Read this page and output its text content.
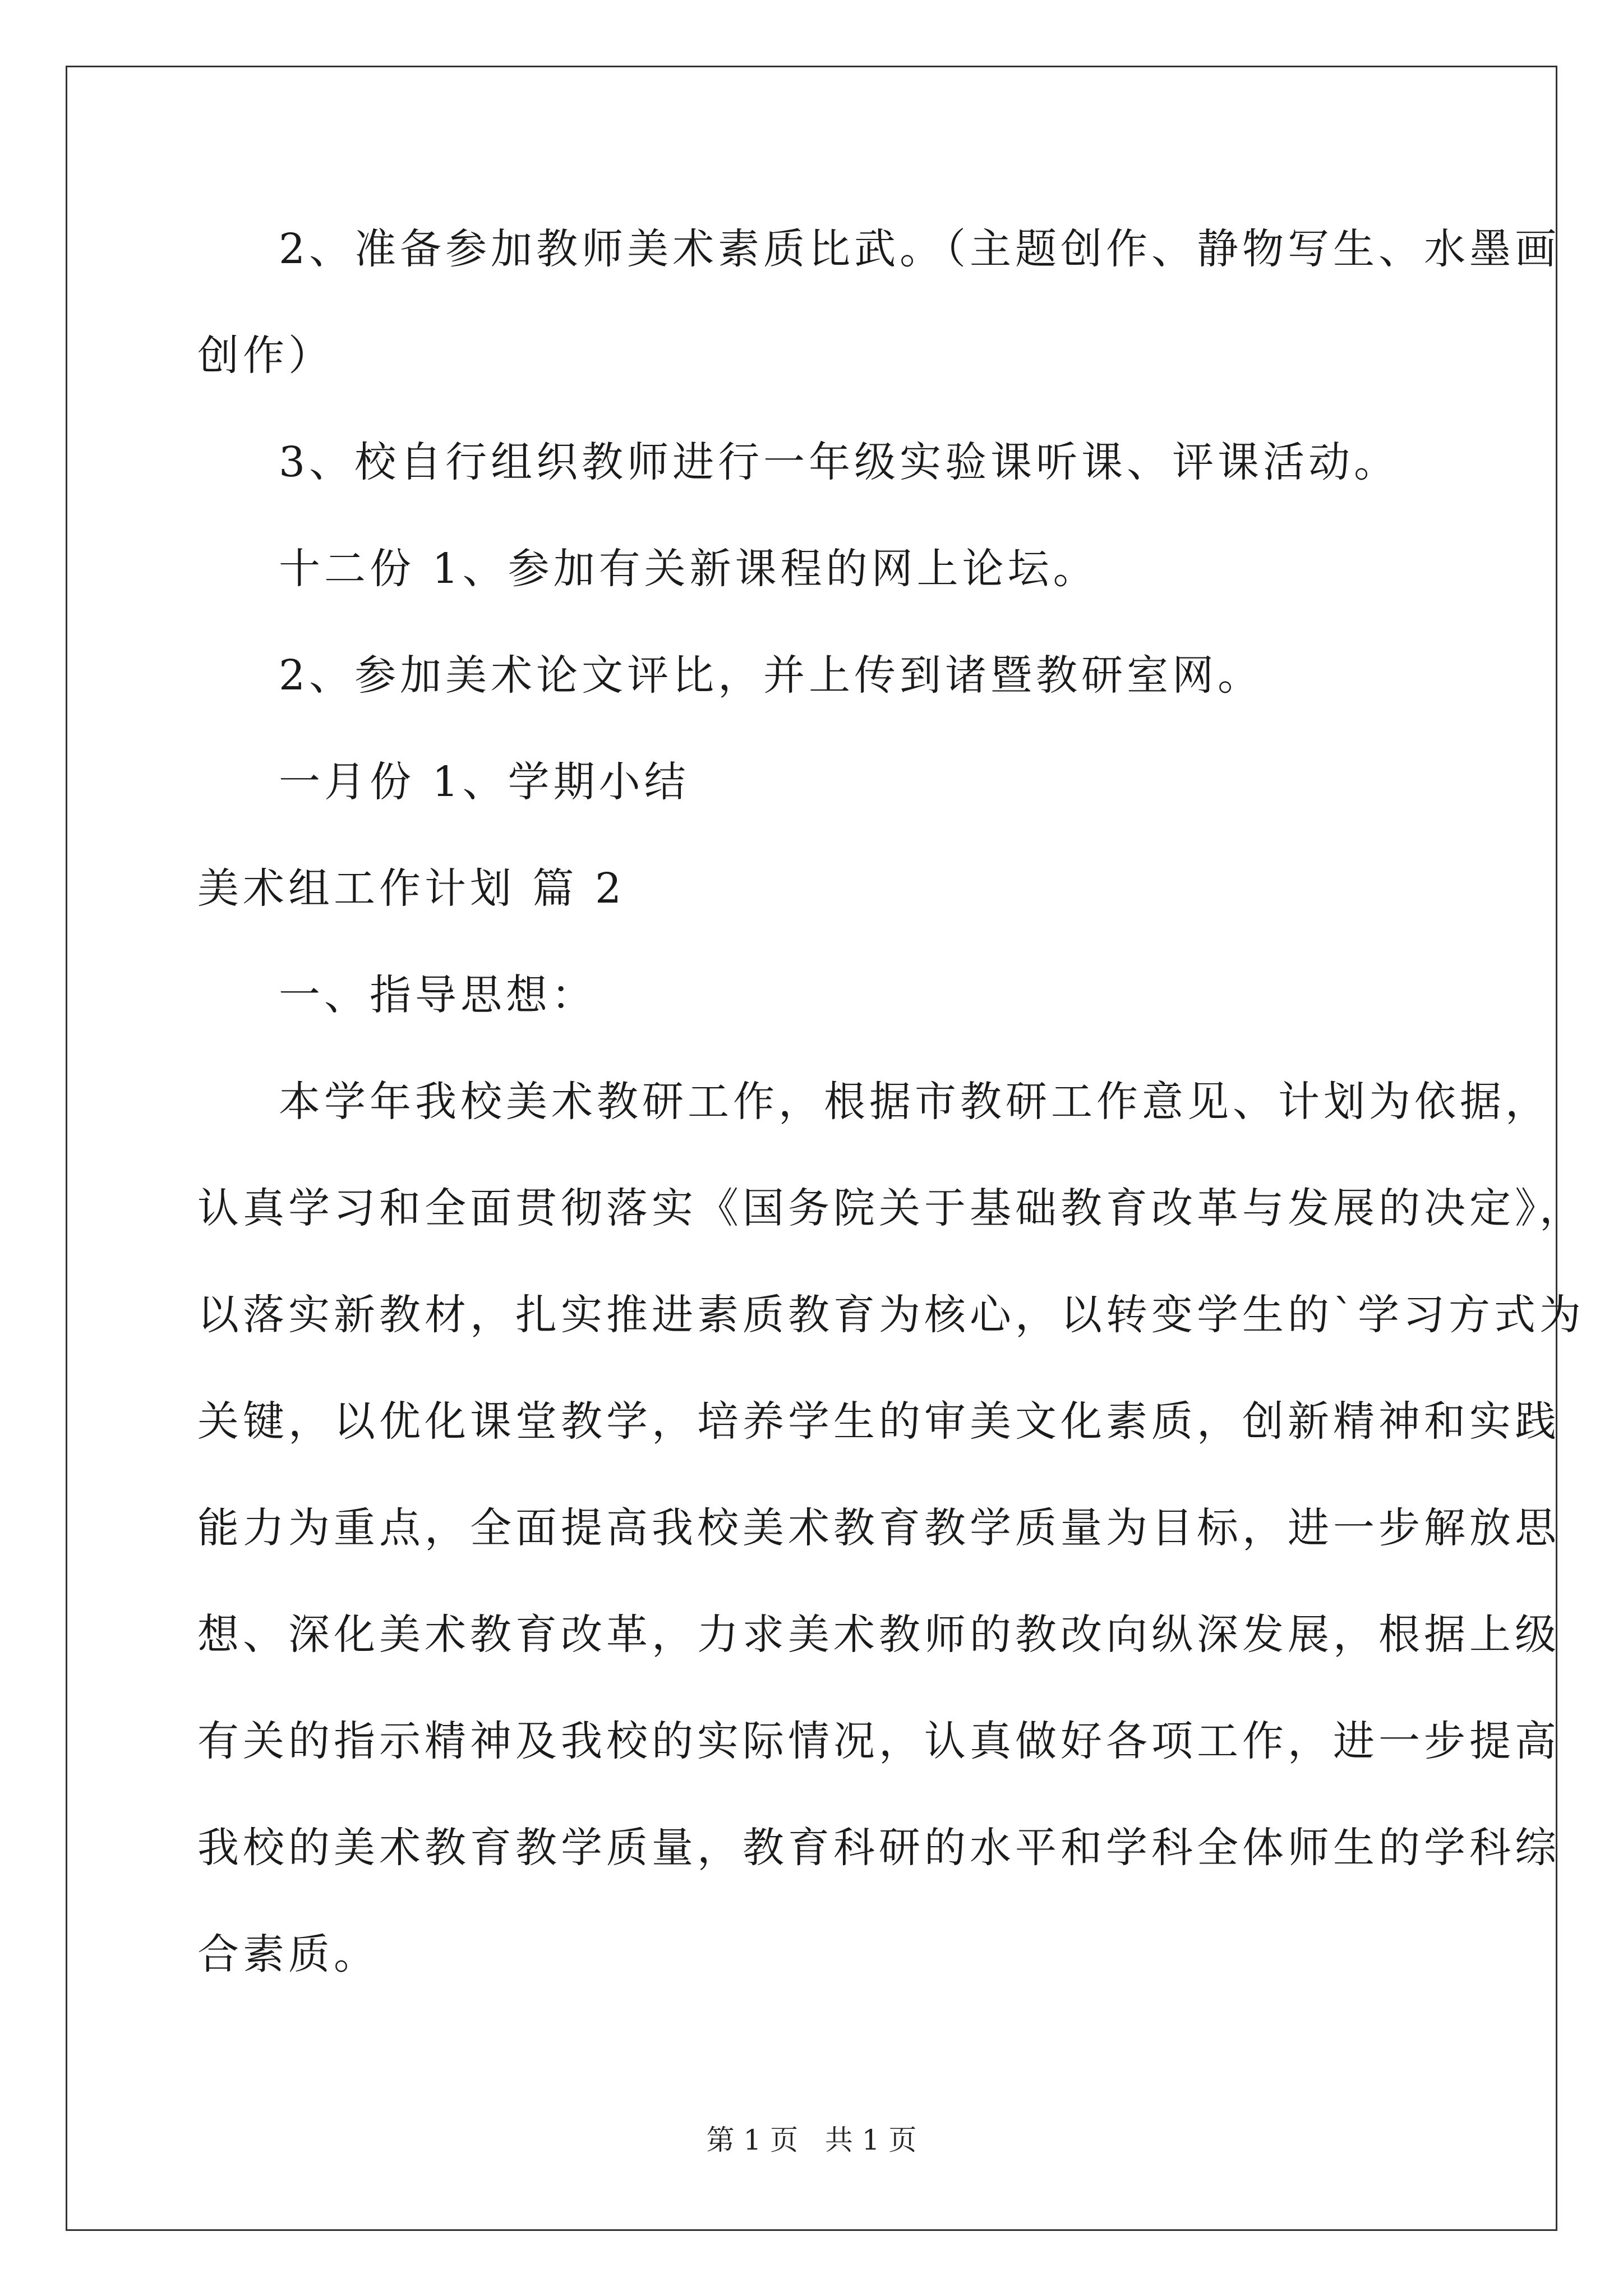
2、准备参加教师美术素质比武。（主题创作、静物写生、水墨画
创作）
3、校自行组织教师进行一年级实验课听课、评课活动。
十二份 1、参加有关新课程的网上论坛。
2、参加美术论文评比，并上传到诸暨教研室网。
一月份 1、学期小结
美术组工作计划 篇 2
一、指导思想：
本学年我校美术教研工作，根据市教研工作意见、计划为依据，
认真学习和全面贯彻落实《国务院关于基础教育改革与发展的决定》，
以落实新教材，扎实推进素质教育为核心，以转变学生的`学习方式为
关键，以优化课堂教学，培养学生的审美文化素质，创新精神和实践
能力为重点，全面提高我校美术教育教学质量为目标，进一步解放思
想、深化美术教育改革，力求美术教师的教改向纵深发展，根据上级
有关的指示精神及我校的实际情况，认真做好各项工作，进一步提高
我校的美术教育教学质量，教育科研的水平和学科全体师生的学科综
合素质。
第 1 页   共 1 页
